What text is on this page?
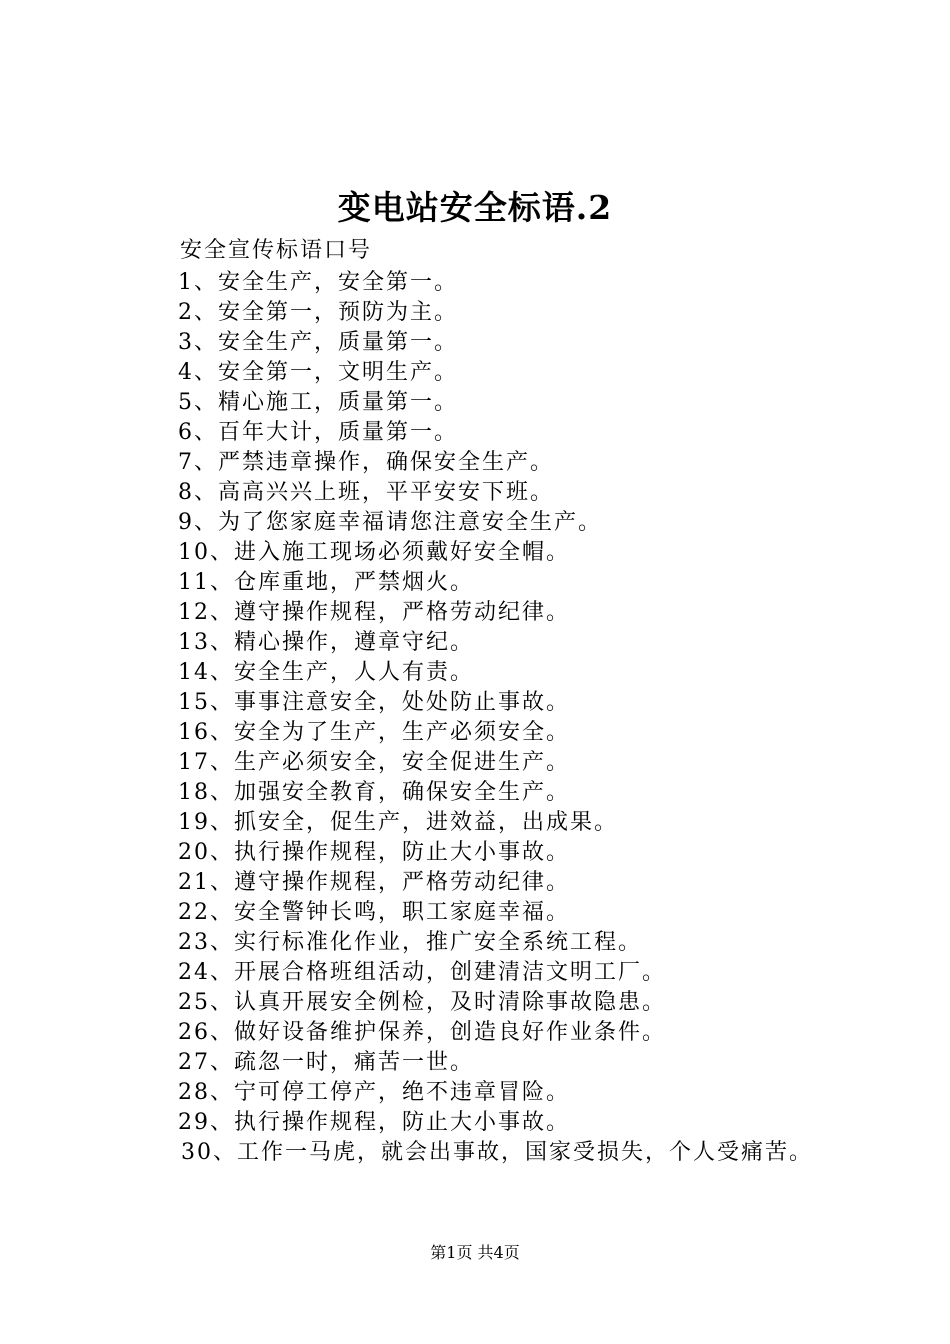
变电站安全标语.2
安全宣传标语口号
1、安全生产，安全第一。
2、安全第一，预防为主。
3、安全生产，质量第一。
4、安全第一，文明生产。
5、精心施工，质量第一。
6、百年大计，质量第一。
7、严禁违章操作，确保安全生产。
8、高高兴兴上班，平平安安下班。
9、为了您家庭幸福请您注意安全生产。
10、进入施工现场必须戴好安全帽。
11、仓库重地，严禁烟火。
12、遵守操作规程，严格劳动纪律。
13、精心操作，遵章守纪。
14、安全生产，人人有责。
15、事事注意安全，处处防止事故。
16、安全为了生产，生产必须安全。
17、生产必须安全，安全促进生产。
18、加强安全教育，确保安全生产。
19、抓安全，促生产，进效益，出成果。
20、执行操作规程，防止大小事故。
21、遵守操作规程，严格劳动纪律。
22、安全警钟长鸣，职工家庭幸福。
23、实行标准化作业，推广安全系统工程。
24、开展合格班组活动，创建清洁文明工厂。
25、认真开展安全例检，及时清除事故隐患。
26、做好设备维护保养，创造良好作业条件。
27、疏忽一时，痛苦一世。
28、宁可停工停产，绝不违章冒险。
29、执行操作规程，防止大小事故。
30、工作一马虎，就会出事故，国家受损失，个人受痛苦。
第1页 共4页
